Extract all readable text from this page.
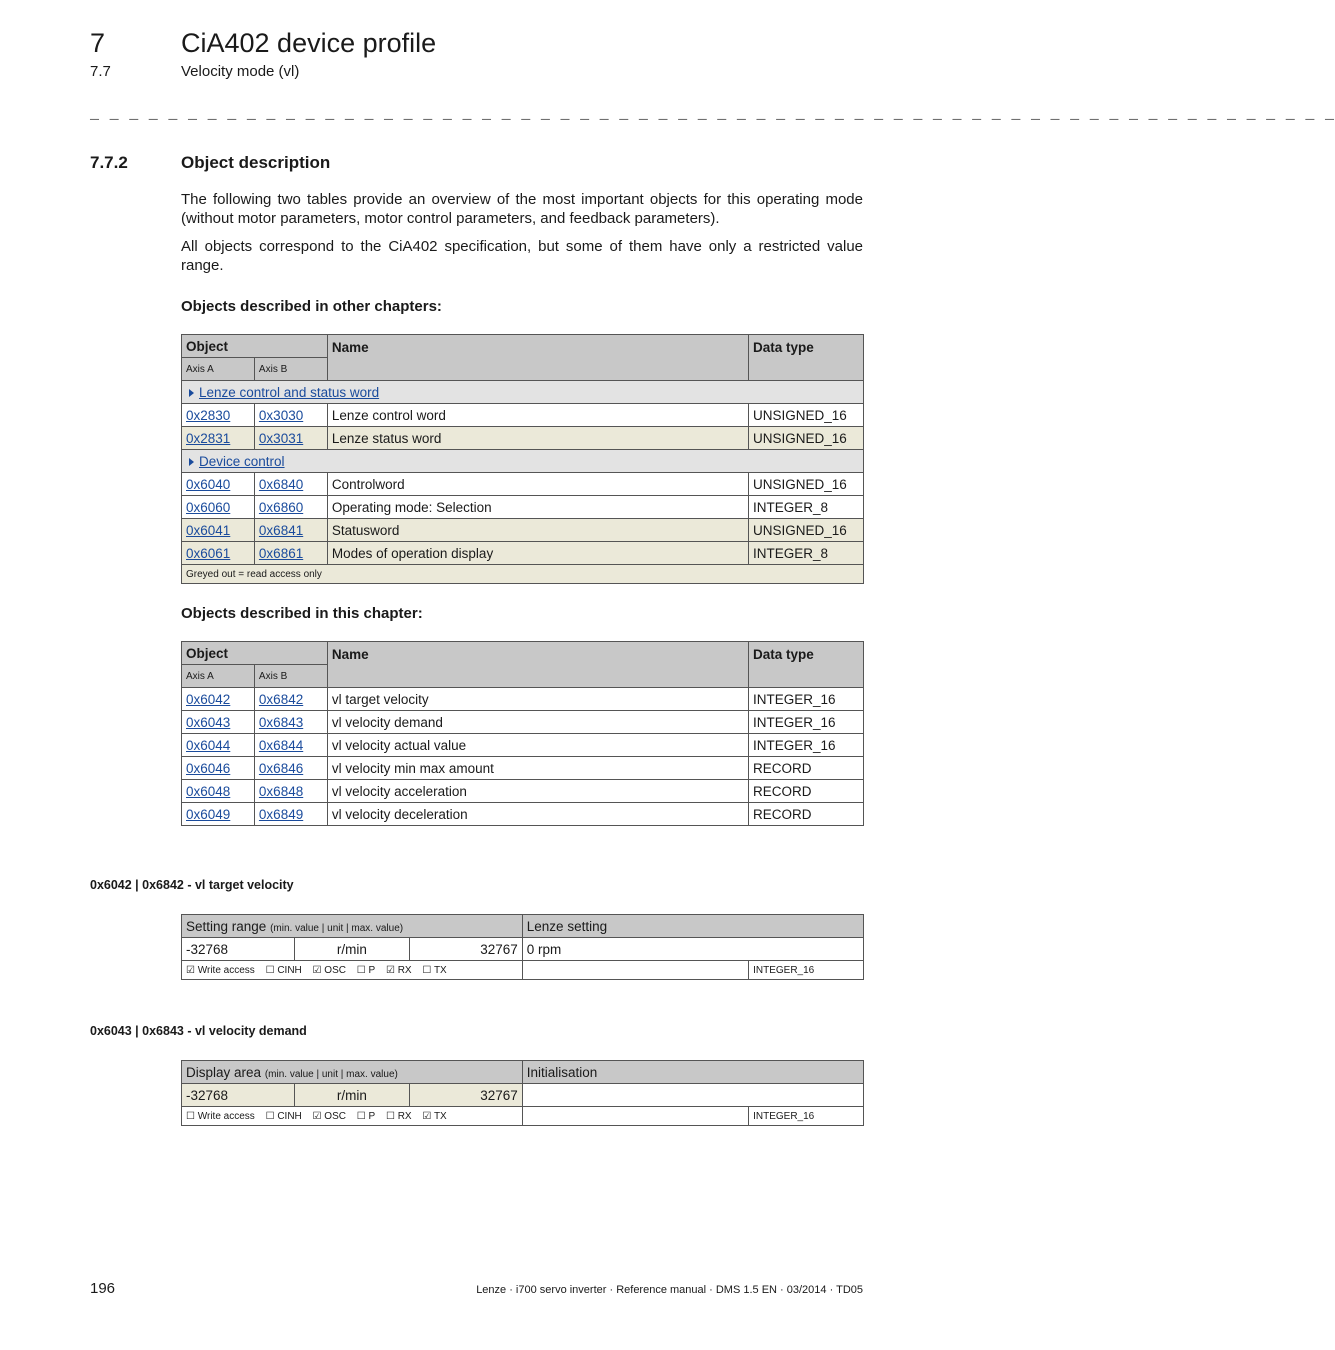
7	CiA402 device profile
7.7	Velocity mode (vl)
_ _ _ _ _ _ _ _ _ _ _ _ _ _ _ _ _ _ _ _ _ _ _ _ _ _ _ _ _ _ _ _ _ _ _ _ _ _ _ _ _ _ _ _ _ _ _ _ _ _ _ _ _ _ _ _ _ _ _ _ _ _ _ _
7.7.2	Object description
The following two tables provide an overview of the most important objects for this operating mode (without motor parameters, motor control parameters, and feedback parameters).
All objects correspond to the CiA402 specification, but some of them have only a restricted value range.
Objects described in other chapters:
Object		Name	Data type
Axis A	Axis B		
Lenze control and status word			
0x2830	0x3030	Lenze control word	UNSIGNED_16
0x2831	0x3031	Lenze status word	UNSIGNED_16
Device control			
0x6040	0x6840	Controlword	UNSIGNED_16
0x6060	0x6860	Operating mode: Selection	INTEGER_8
0x6041	0x6841	Statusword	UNSIGNED_16
0x6061	0x6861	Modes of operation display	INTEGER_8
Greyed out = read access only			
Objects described in this chapter:
Object		Name	Data type
Axis A	Axis B		
0x6042	0x6842	vl target velocity	INTEGER_16
0x6043	0x6843	vl velocity demand	INTEGER_16
0x6044	0x6844	vl velocity actual value	INTEGER_16
0x6046	0x6846	vl velocity min max amount	RECORD
0x6048	0x6848	vl velocity acceleration	RECORD
0x6049	0x6849	vl velocity deceleration	RECORD
0x6042 | 0x6842 - vl target velocity
Setting range (min. value | unit | max. value)			Lenze setting	
-32768	r/min	32767	0 rpm	
☑ Write access ☐ CINH ☑ OSC ☐ P ☑ RX ☐ TX				INTEGER_16
0x6043 | 0x6843 - vl velocity demand
Display area (min. value | unit | max. value)			Initialisation	
-32768	r/min	32767		
☐ Write access ☐ CINH ☑ OSC ☐ P ☐ RX ☑ TX				INTEGER_16
196	Lenze · i700 servo inverter · Reference manual · DMS 1.5 EN · 03/2014 · TD05
